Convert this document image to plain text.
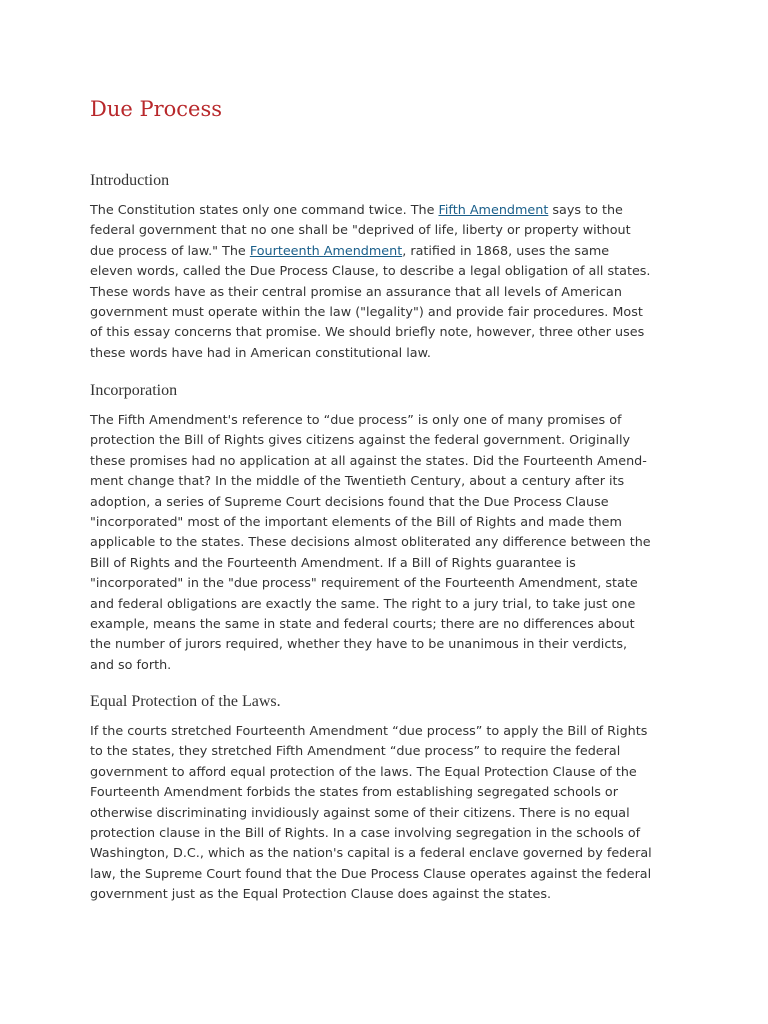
Due Process
Introduction
The Constitution states only one command twice. The Fifth Amendment says to the
federal government that no one shall be "deprived of life, liberty or property without
due process of law." The Fourteenth Amendment, ratified in 1868, uses the same
eleven words, called the Due Process Clause, to describe a legal obligation of all states.
These words have as their central promise an assurance that all levels of American
government must operate within the law ("legality") and provide fair procedures. Most
of this essay concerns that promise. We should briefly note, however, three other uses
these words have had in American constitutional law.
Incorporation
The Fifth Amendment's reference to “due process” is only one of many promises of
protection the Bill of Rights gives citizens against the federal government. Originally
these promises had no application at all against the states. Did the Fourteenth Amend-
ment change that? In the middle of the Twentieth Century, about a century after its
adoption, a series of Supreme Court decisions found that the Due Process Clause
"incorporated" most of the important elements of the Bill of Rights and made them
applicable to the states. These decisions almost obliterated any difference between the
Bill of Rights and the Fourteenth Amendment. If a Bill of Rights guarantee is
"incorporated" in the "due process" requirement of the Fourteenth Amendment, state
and federal obligations are exactly the same. The right to a jury trial, to take just one
example, means the same in state and federal courts; there are no differences about
the number of jurors required, whether they have to be unanimous in their verdicts,
and so forth.
Equal Protection of the Laws.
If the courts stretched Fourteenth Amendment “due process” to apply the Bill of Rights
to the states, they stretched Fifth Amendment “due process” to require the federal
government to afford equal protection of the laws. The Equal Protection Clause of the
Fourteenth Amendment forbids the states from establishing segregated schools or
otherwise discriminating invidiously against some of their citizens. There is no equal
protection clause in the Bill of Rights. In a case involving segregation in the schools of
Washington, D.C., which as the nation's capital is a federal enclave governed by federal
law, the Supreme Court found that the Due Process Clause operates against the federal
government just as the Equal Protection Clause does against the states.
